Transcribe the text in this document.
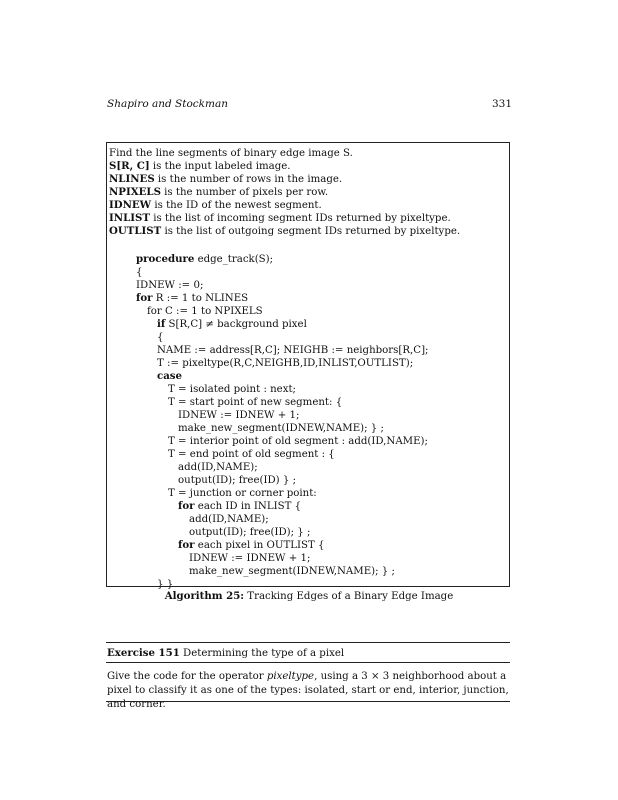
Shapiro and Stockman	331
Find the line segments of binary edge image S.
S[R, C] is the input labeled image.
NLINES is the number of rows in the image.
NPIXELS is the number of pixels per row.
IDNEW is the ID of the newest segment.
INLIST is the list of incoming segment IDs returned by pixeltype.
OUTLIST is the list of outgoing segment IDs returned by pixeltype.
procedure edge_track(S);
{
IDNEW := 0;
for R := 1 to NLINES
for C := 1 to NPIXELS
if S[R,C] ≠ background pixel
{
NAME := address[R,C]; NEIGHB := neighbors[R,C];
T := pixeltype(R,C,NEIGHB,ID,INLIST,OUTLIST);
case
T = isolated point : next;
T = start point of new segment: {
IDNEW := IDNEW + 1;
make_new_segment(IDNEW,NAME); } ;
T = interior point of old segment : add(ID,NAME);
T = end point of old segment : {
add(ID,NAME);
output(ID); free(ID) } ;
T = junction or corner point:
for each ID in INLIST {
add(ID,NAME);
output(ID); free(ID); } ;
for each pixel in OUTLIST {
IDNEW := IDNEW + 1;
make_new_segment(IDNEW,NAME); } ;
} }
Algorithm 25: Tracking Edges of a Binary Edge Image
Exercise 151 Determining the type of a pixel
Give the code for the operator pixeltype, using a 3 × 3 neighborhood about a pixel to classify it as one of the types: isolated, start or end, interior, junction, and corner.
